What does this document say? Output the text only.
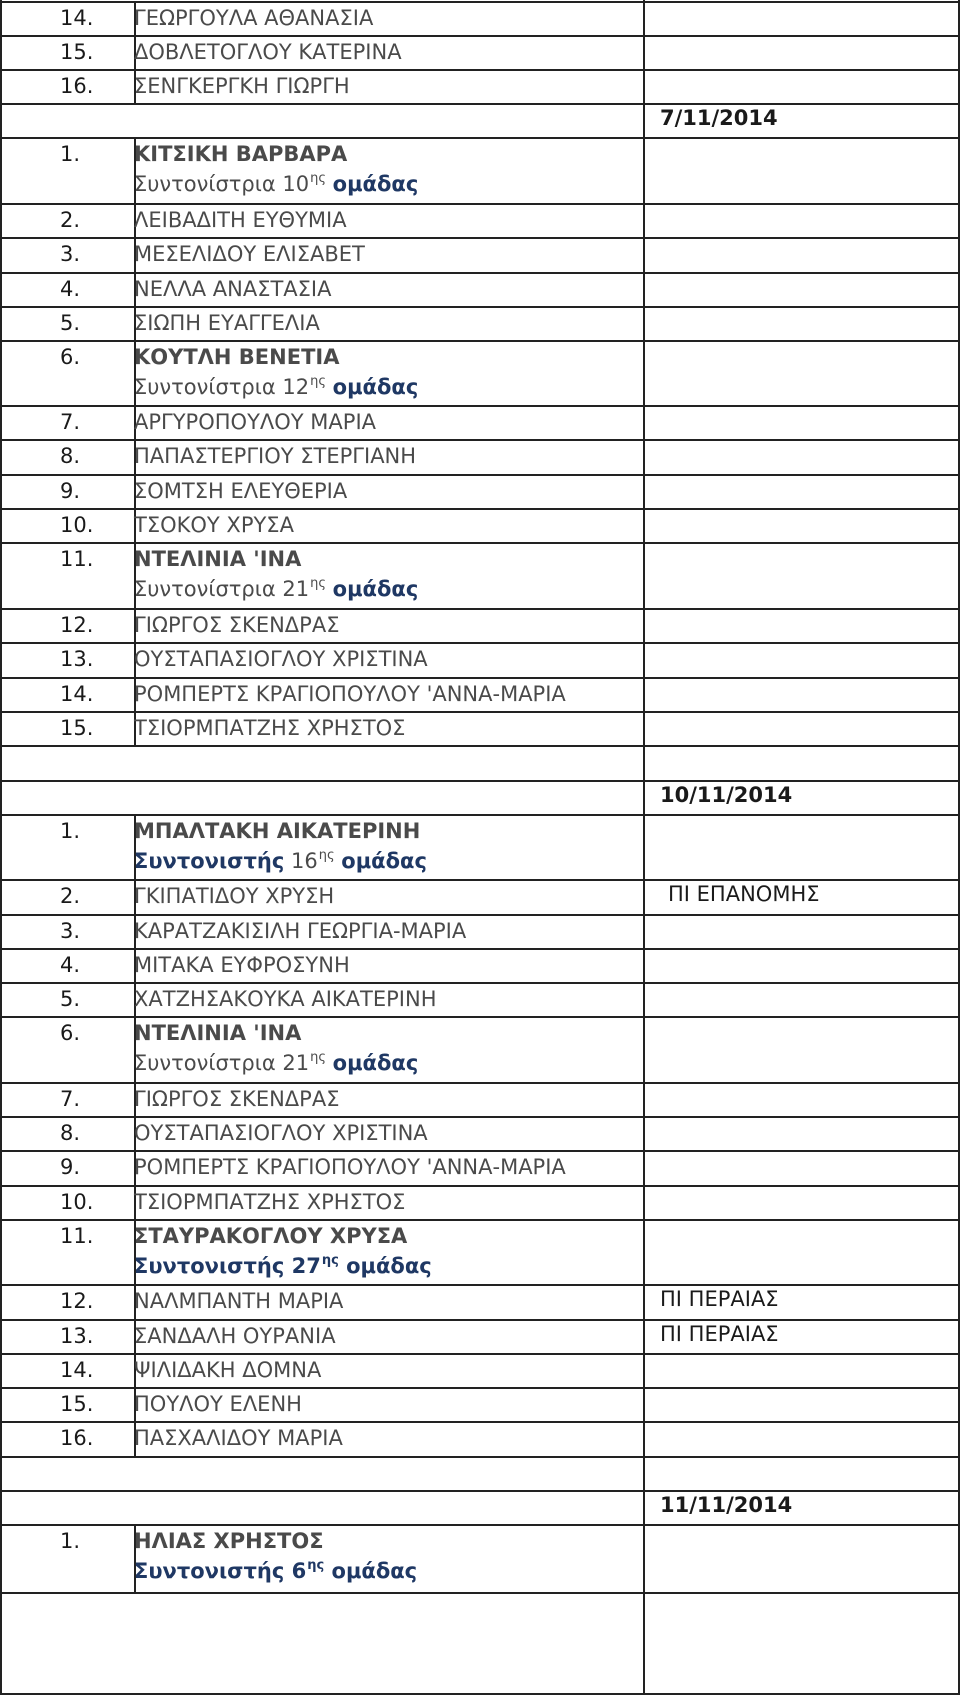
14. ΓΕΩΡΓΟΥΛΑ ΑΘΑΝΑΣΙΑ
15. ΔΟΒΛΕΤΟΓΛΟΥ ΚΑΤΕΡΙΝΑ
16. ΣΕΝΓΚΕΡΓΚΗ ΓΙΩΡΓΗ
7/11/2014
1.	ΚΙΤΣΙΚΗ ΒΑΡΒΑΡΑ
Συντονίστρια $10^{\eta\varsigma}$ ομάδας
2.	ΛΕΙΒΑΔΙΤΗ ΕΥΘΥΜΙΑ
3.	ΜΕΣΕΛΙΔΟΥ ΕΛΙΣΑΒΕΤ
4.	ΝΕΛΛΑ ΑΝΑΣΤΑΣΙΑ
5.	ΣΙΩΠΗ ΕΥΑΓΓΕΛΙΑ
6.	ΚΟΥΤΛΗ ΒΕΝΕΤΙΑ
Συντονίστρια $12^{\eta\varsigma}$ ομάδας
7.	ΑΡΓΥΡΟΠΟΥΛΟΥ ΜΑΡΙΑ
8.	ΠΑΠΑΣΤΕΡΓΙΟΥ ΣΤΕΡΓΙΑΝΗ
9.	ΣΟΜΤΣΗ ΕΛΕΥΘΕΡΙΑ
10. ΤΣΟΚΟΥ ΧΡΥΣΑ
11. ΝΤΕΛΙΝΙΑ 'ΙΝΑ
Συντονίστρια $21^{\eta\varsigma}$ ομάδας
12. ΓΙΩΡΓΟΣ ΣΚΕΝΔΡΑΣ
13. ΟΥΣΤΑΠΑΣΙΟΓΛΟΥ ΧΡΙΣΤΙΝΑ
14. ΡΟΜΠΕΡΤΣ ΚΡΑΓΙΟΠΟΥΛΟΥ 'ΑΝΝΑ-ΜΑΡΙΑ
15. ΤΣΙΟΡΜΠΑΤΖΗΣ ΧΡΗΣΤΟΣ
10/11/2014
1.	ΜΠΑΛΤΑΚΗ ΑΙΚΑΤΕΡΙΝΗ
Συντονιστής $16^{\eta\varsigma}$ ομάδας
2.	ΓΚΙΠΑΤΙΔΟΥ ΧΡΥΣΗ	ΠΙ ΕΠΑΝΟΜΗΣ
3.	ΚΑΡΑΤΖΑΚΙΣΙΛΗ ΓΕΩΡΓΙΑ-ΜΑΡΙΑ
4.	ΜΙΤΑΚΑ ΕΥΦΡΟΣΥΝΗ
5.	ΧΑΤΖΗΣΑΚΟΥΚΑ ΑΙΚΑΤΕΡΙΝΗ
6.	ΝΤΕΛΙΝΙΑ 'ΙΝΑ
Συντονίστρια $21^{\eta\varsigma}$ ομάδας
7.	ΓΙΩΡΓΟΣ ΣΚΕΝΔΡΑΣ
8.	ΟΥΣΤΑΠΑΣΙΟΓΛΟΥ ΧΡΙΣΤΙΝΑ
9.	ΡΟΜΠΕΡΤΣ ΚΡΑΓΙΟΠΟΥΛΟΥ 'ΑΝΝΑ-ΜΑΡΙΑ
10. ΤΣΙΟΡΜΠΑΤΖΗΣ ΧΡΗΣΤΟΣ
11. ΣΤΑΥΡΑΚΟΓΛΟΥ ΧΡΥΣΑ
Συντονιστής $27^{\eta\varsigma}$ ομάδας
12. ΝΑΛΜΠΑΝΤΗ ΜΑΡΙΑ	ΠΙ ΠΕΡΑΙΑΣ
13. ΣΑΝΔΑΛΗ ΟΥΡΑΝΙΑ	ΠΙ ΠΕΡΑΙΑΣ
14. ΨΙΛΙΔΑΚΗ ΔΟΜΝΑ
15. ΠΟΥΛΟΥ ΕΛΕΝΗ
16. ΠΑΣΧΑΛΙΔΟΥ ΜΑΡΙΑ
11/11/2014
1.	ΗΛΙΑΣ ΧΡΗΣΤΟΣ
Συντονιστής $6^{\eta\varsigma}$ ομάδας
